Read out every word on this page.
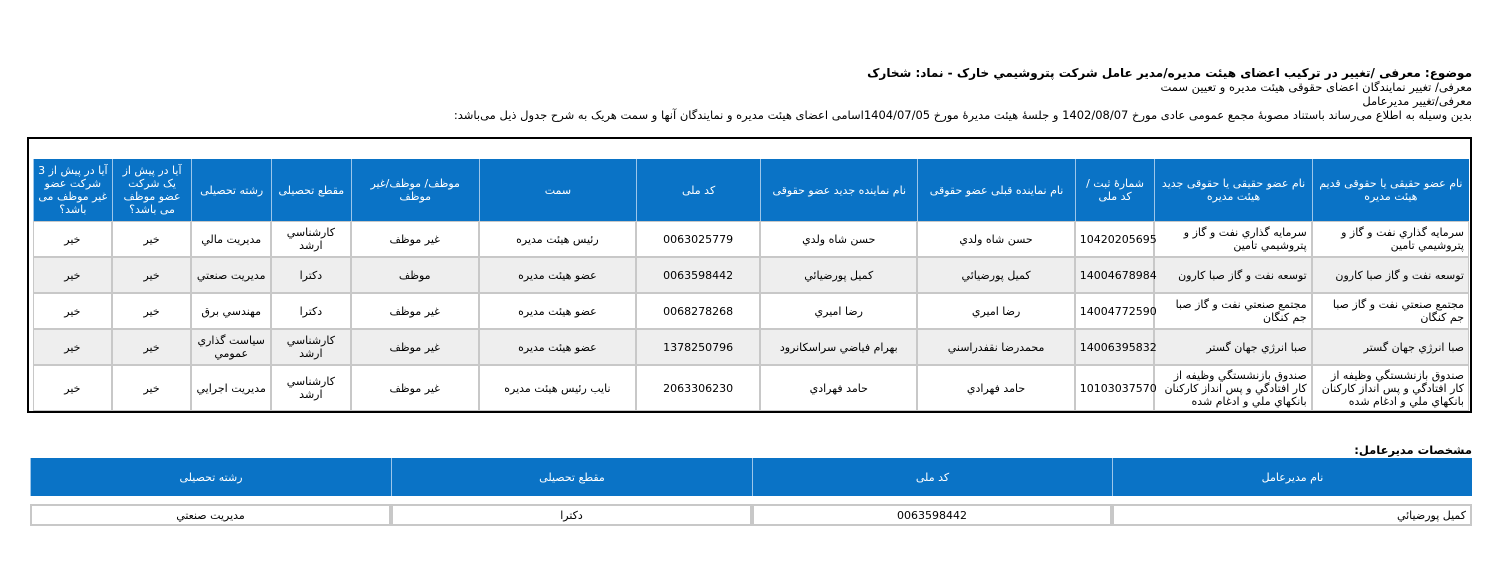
موضوع: معرفی /تغییر در ترکیب اعضای هیئت مدیره/مدیر عامل شرکت پتروشیمي خارک - نماد: شخارک
معرفی/ تغییر نمایندگان اعضای حقوقی هیئت مدیره و تعیین سمت
معرفی/تغییر مدیرعامل
بدین وسیله به اطلاع می‌رساند باستناد مصوبۀ مجمع عمومی عادی مورخ 1402/08/07 و جلسۀ هیئت مدیرۀ مورخ 1404/07/05اسامی اعضای هیئت مدیره و نمایندگان آنها و سمت هریک به شرح جدول ذیل می‌باشد:
نام عضو حقیقی یا حقوقی قدیم هیئت مدیره	نام عضو حقیقی یا حقوقی جدید هیئت مدیره	شمارۀ ثبت / کد ملی	نام نماینده قبلی عضو حقوقی	نام نماینده جدید عضو حقوقی	کد ملی	سمت	موظف/ موظف/غیر موظف	مقطع تحصیلی	رشته تحصیلی	آیا در پیش از یک شرکت عضو موظف می باشد؟	آیا در پیش از 3 شرکت عضو غیر موظف می باشد؟
سرمایه گذاري نفت و گاز و پتروشیمي تامین	سرمایه گذاري نفت و گاز و پتروشیمي تامین	10420205695	حسن شاه ولدي	حسن شاه ولدي	0063025779	رئیس هیئت مدیره	غیر موظف	کارشناسي ارشد	مدیریت مالي	خیر	خیر
توسعه نفت و گاز صبا کارون	توسعه نفت و گاز صبا کارون	14004678984	کمیل پورضیائي	کمیل پورضیائي	0063598442	عضو هیئت مدیره	موظف	دکترا	مدیریت صنعتي	خیر	خیر
مجتمع صنعتي نفت و گاز صبا جم کنگان	مجتمع صنعتي نفت و گاز صبا جم کنگان	14004772590	رضا امیري	رضا امیري	0068278268	عضو هیئت مدیره	غیر موظف	دکترا	مهندسي برق	خیر	خیر
صبا انرژي جهان گستر	صبا انرژي جهان گستر	14006395832	محمدرضا نقفدراسني	بهرام فیاضي سراسکانرود	1378250796	عضو هیئت مدیره	غیر موظف	کارشناسي ارشد	سیاست گذاري عمومي	خیر	خیر
صندوق بازنشستگي وظیفه از کار افتادگي و پس انداز کارکنان بانکهاي ملي و ادغام شده	صندوق بازنشستگي وظیفه از کار افتادگي و پس انداز کارکنان بانکهاي ملي و ادغام شده	10103037570	حامد فهرادي	حامد فهرادي	2063306230	نایب رئیس هیئت مدیره	غیر موظف	کارشناسي ارشد	مدیریت اجرایي	خیر	خیر
مشخصات مدیرعامل:
نام مدیرعامل	کد ملی	مقطع تحصیلی	رشته تحصیلی

کمیل پورضیائي	0063598442	دکترا	مدیریت صنعتي
